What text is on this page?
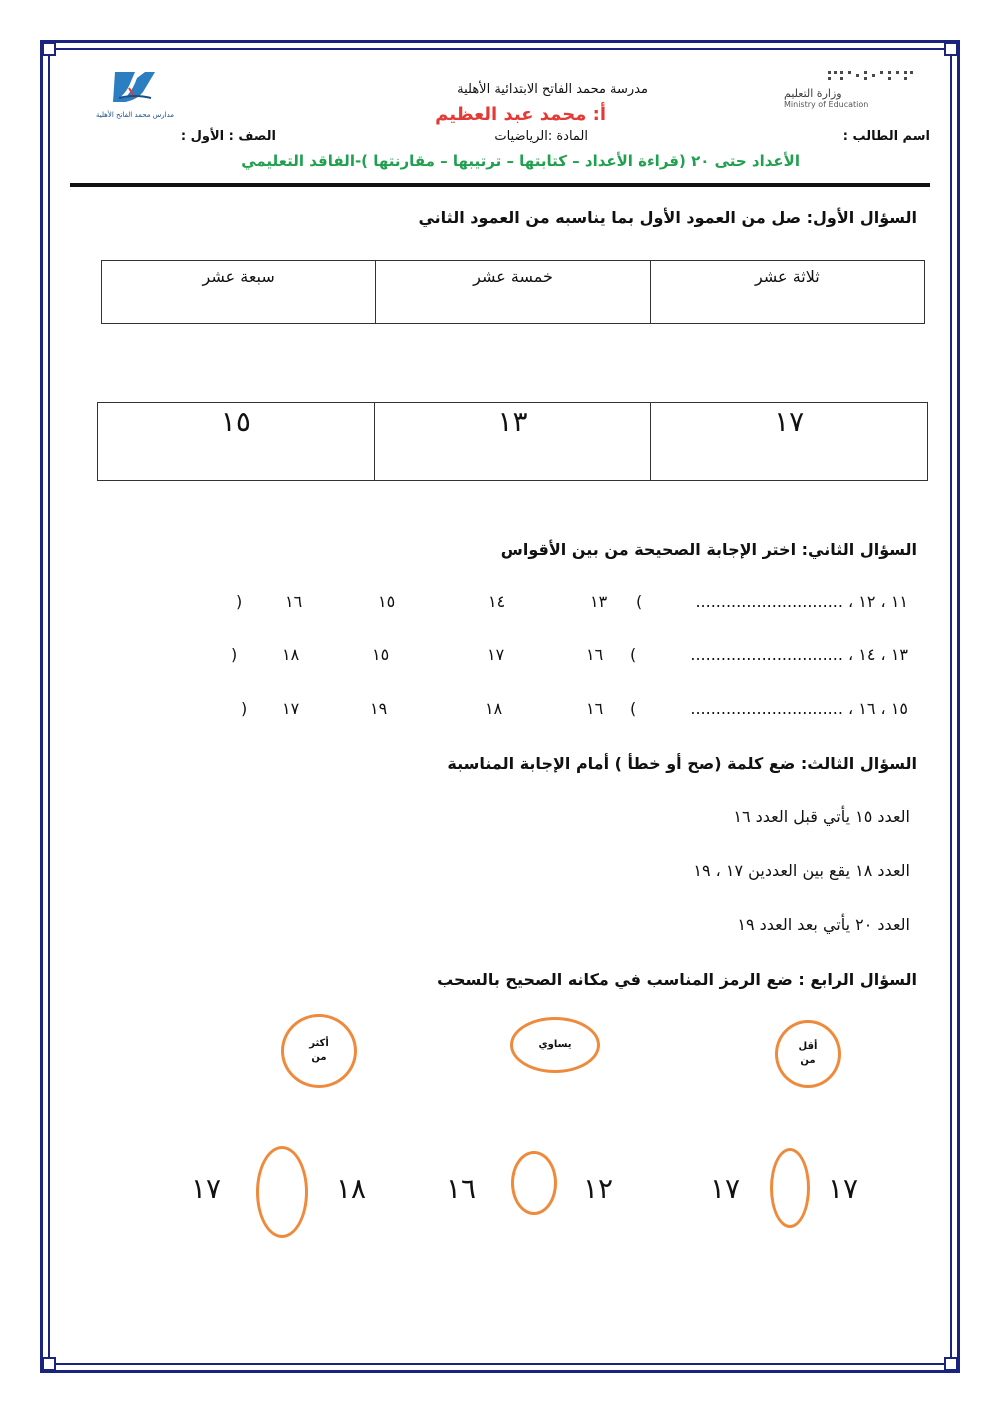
مدارس محمد الفاتح الأهلية
وزارة التعليم
Ministry of Education
مدرسة محمد الفاتح الابتدائية الأهلية
أ: محمد عبد العظيم
المادة :الرياضيات
الصف : الأول :	اسم الطالب :
الأعداد حتى ٢٠ (قراءة الأعداد – كتابتها – ترتيبها – مقارنتها )-الفاقد التعليمي
السؤال الأول: صل من العمود الأول بما يناسبه من العمود الثاني
سبعة عشر	خمسة عشر	ثلاثة عشر
١٥	١٣	١٧
السؤال الثاني: اختر الإجابة الصحيحة من بين الأقواس
١١ ، ١٢ ، .............................
(
١٣
١٤
١٥
١٦
)
١٣ ، ١٤ ، ..............................
(
١٦
١٧
١٥
١٨
)
١٥ ، ١٦ ، ..............................
(
١٦
١٨
١٩
١٧
)
السؤال الثالث: ضع كلمة (صح أو خطأ ) أمام الإجابة المناسبة
العدد ١٥ يأتي قبل العدد ١٦
العدد ١٨ يقع بين العددين ١٧ ، ١٩
العدد ٢٠ يأتي بعد العدد ١٩
السؤال الرابع : ضع الرمز المناسب في مكانه الصحيح بالسحب
أقل
من
يساوي
أكثر
من
١٧
١٧
١٢
١٦
١٨
١٧
